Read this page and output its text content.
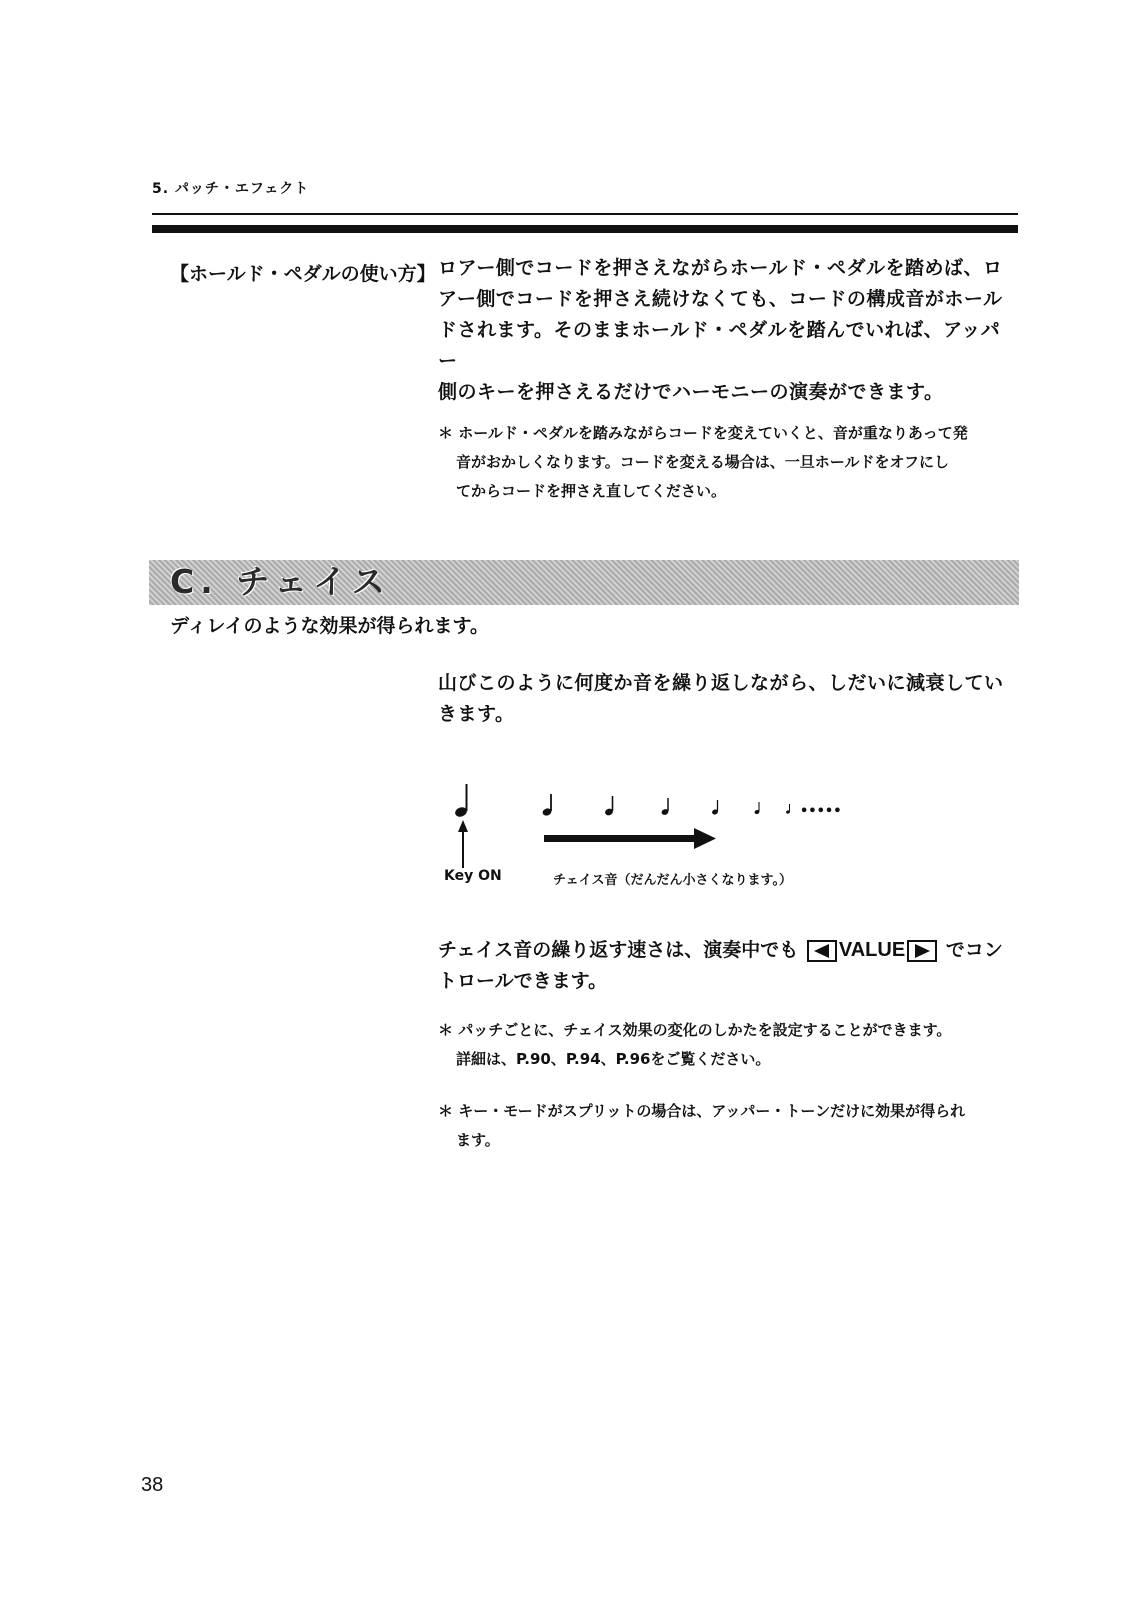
5. パッチ・エフェクト
【ホールド・ペダルの使い方】 ロアー側でコードを押さえながらホールド・ペダルを踏めば、ロ
アー側でコードを押さえ続けなくても、コードの構成音がホール
ドされます。そのままホールド・ペダルを踏んでいれば、アッパー
側のキーを押さえるだけでハーモニーの演奏ができます。
＊ ホールド・ペダルを踏みながらコードを変えていくと、音が重なりあって発
音がおかしくなります。コードを変える場合は、一旦ホールドをオフにし
てからコードを押さえ直してください。
C. チェイス
ディレイのような効果が得られます。
山びこのように何度か音を繰り返しながら、しだいに減衰してい
きます。
•••••
Key ON	チェイス音（だんだん小さくなります。）
チェイス音の繰り返す速さは、演奏中でも VALUE でコン
トロールできます。
＊ パッチごとに、チェイス効果の変化のしかたを設定することができます。
詳細は、P.90、P.94、P.96をご覧ください。
＊ キー・モードがスプリットの場合は、アッパー・トーンだけに効果が得られ
ます。
38
